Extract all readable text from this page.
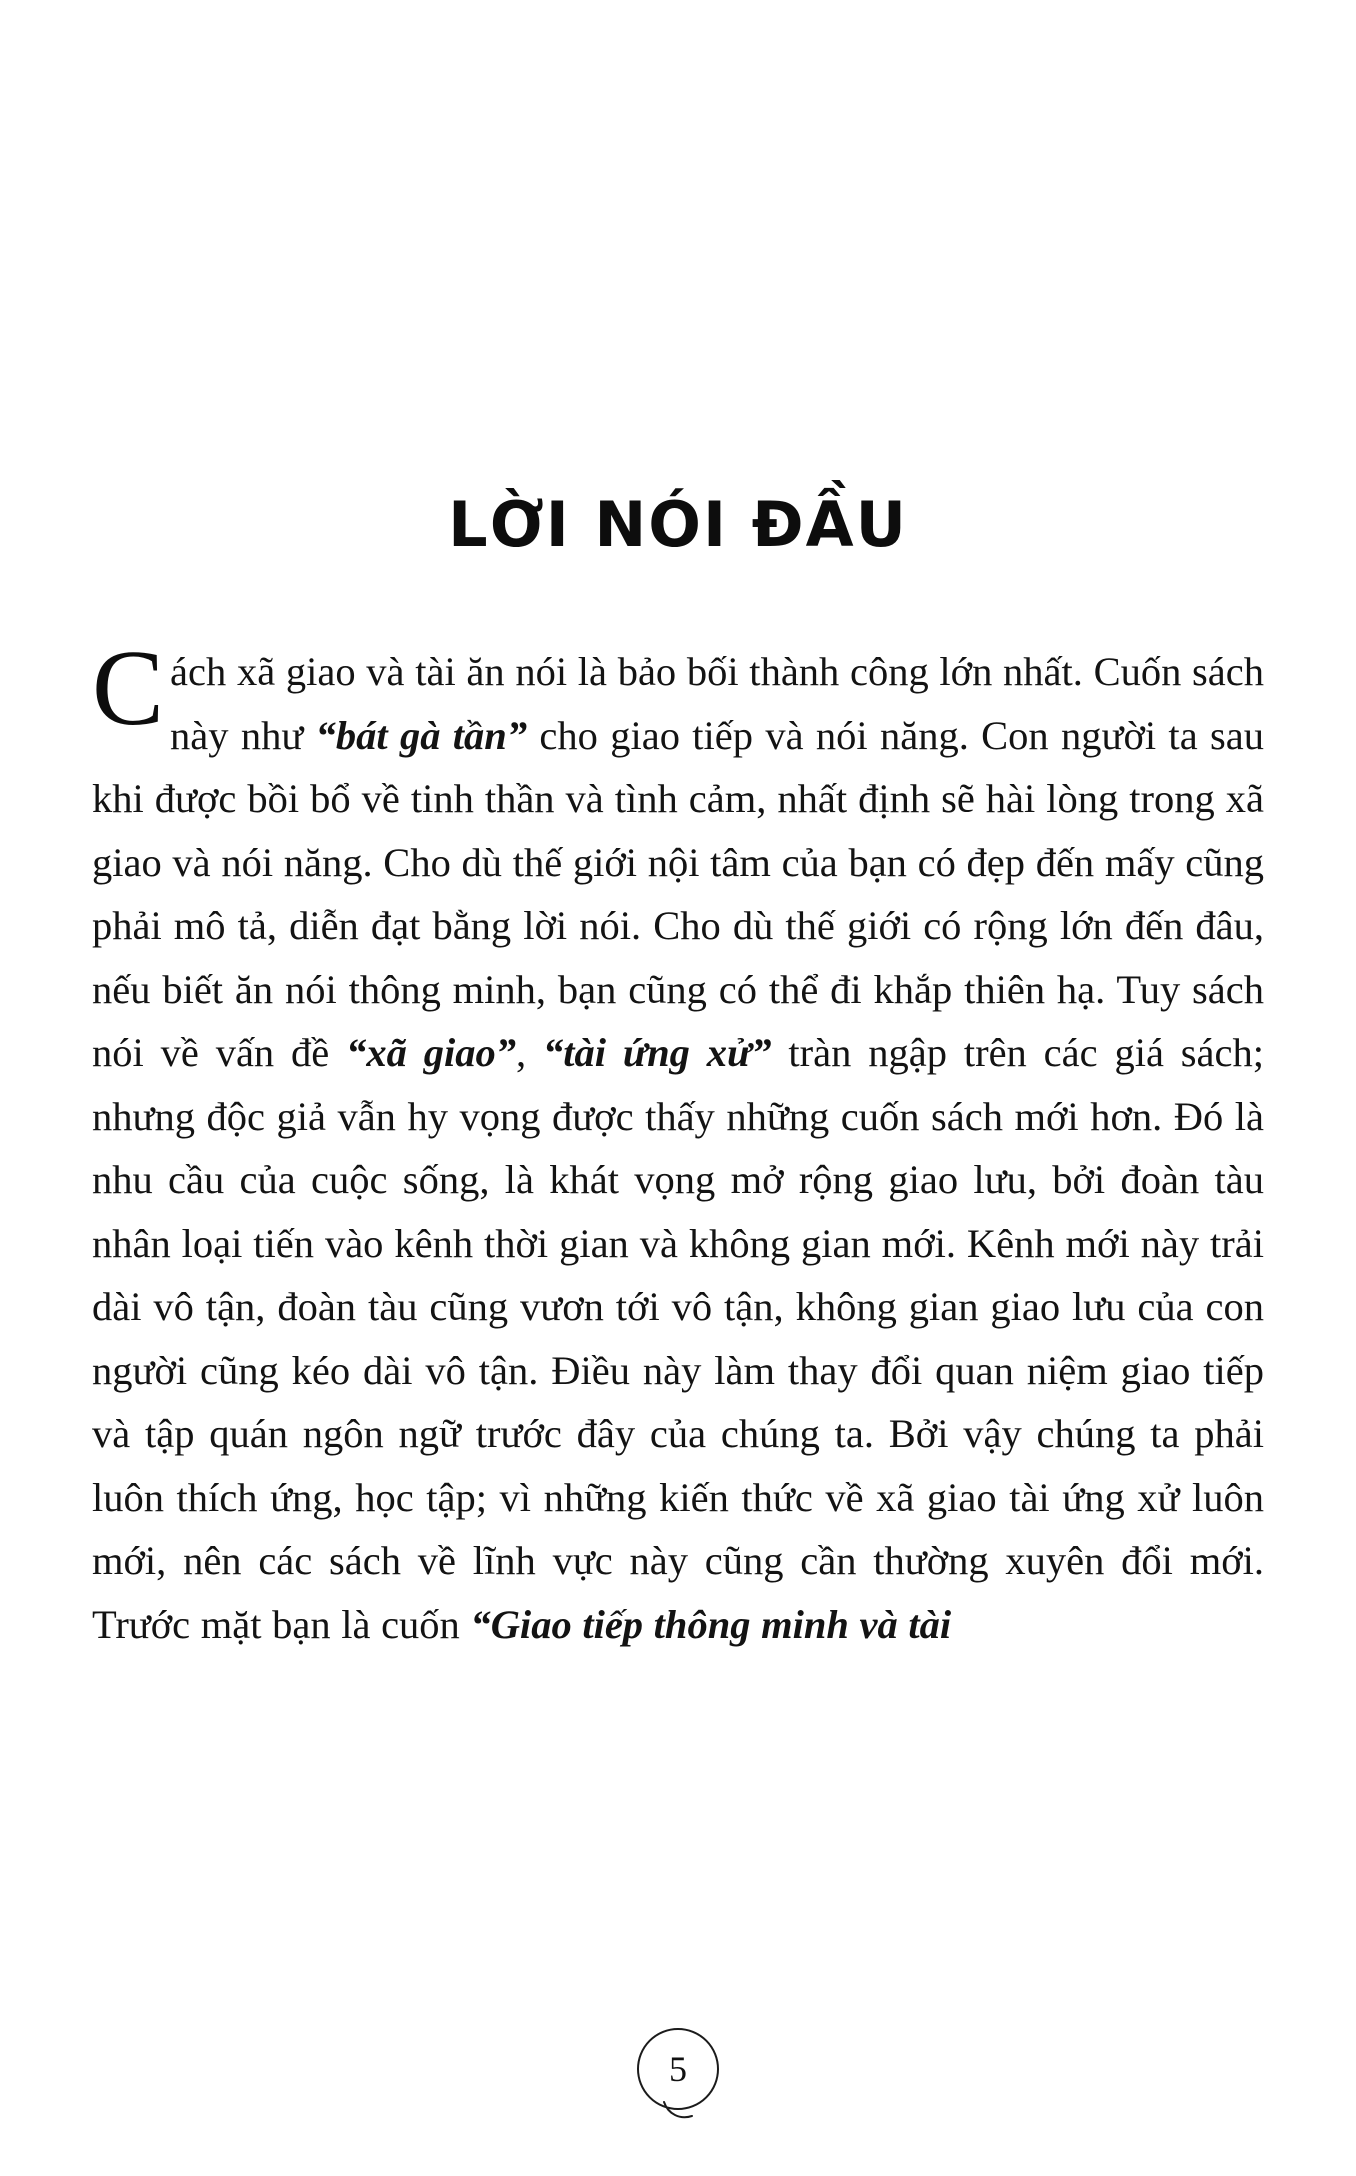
LỜI NÓI ĐẦU

Cách xã giao và tài ăn nói là bảo bối thành công lớn nhất. Cuốn sách này như “bát gà tần” cho giao tiếp và nói năng. Con người ta sau khi được bồi bổ về tinh thần và tình cảm, nhất định sẽ hài lòng trong xã giao và nói năng. Cho dù thế giới nội tâm của bạn có đẹp đến mấy cũng phải mô tả, diễn đạt bằng lời nói. Cho dù thế giới có rộng lớn đến đâu, nếu biết ăn nói thông minh, bạn cũng có thể đi khắp thiên hạ. Tuy sách nói về vấn đề “xã giao”, “tài ứng xử” tràn ngập trên các giá sách; nhưng độc giả vẫn hy vọng được thấy những cuốn sách mới hơn. Đó là nhu cầu của cuộc sống, là khát vọng mở rộng giao lưu, bởi đoàn tàu nhân loại tiến vào kênh thời gian và không gian mới. Kênh mới này trải dài vô tận, đoàn tàu cũng vươn tới vô tận, không gian giao lưu của con người cũng kéo dài vô tận. Điều này làm thay đổi quan niệm giao tiếp và tập quán ngôn ngữ trước đây của chúng ta. Bởi vậy chúng ta phải luôn thích ứng, học tập; vì những kiến thức về xã giao tài ứng xử luôn mới, nên các sách về lĩnh vực này cũng cần thường xuyên đổi mới. Trước mặt bạn là cuốn “Giao tiếp thông minh và tài

5
